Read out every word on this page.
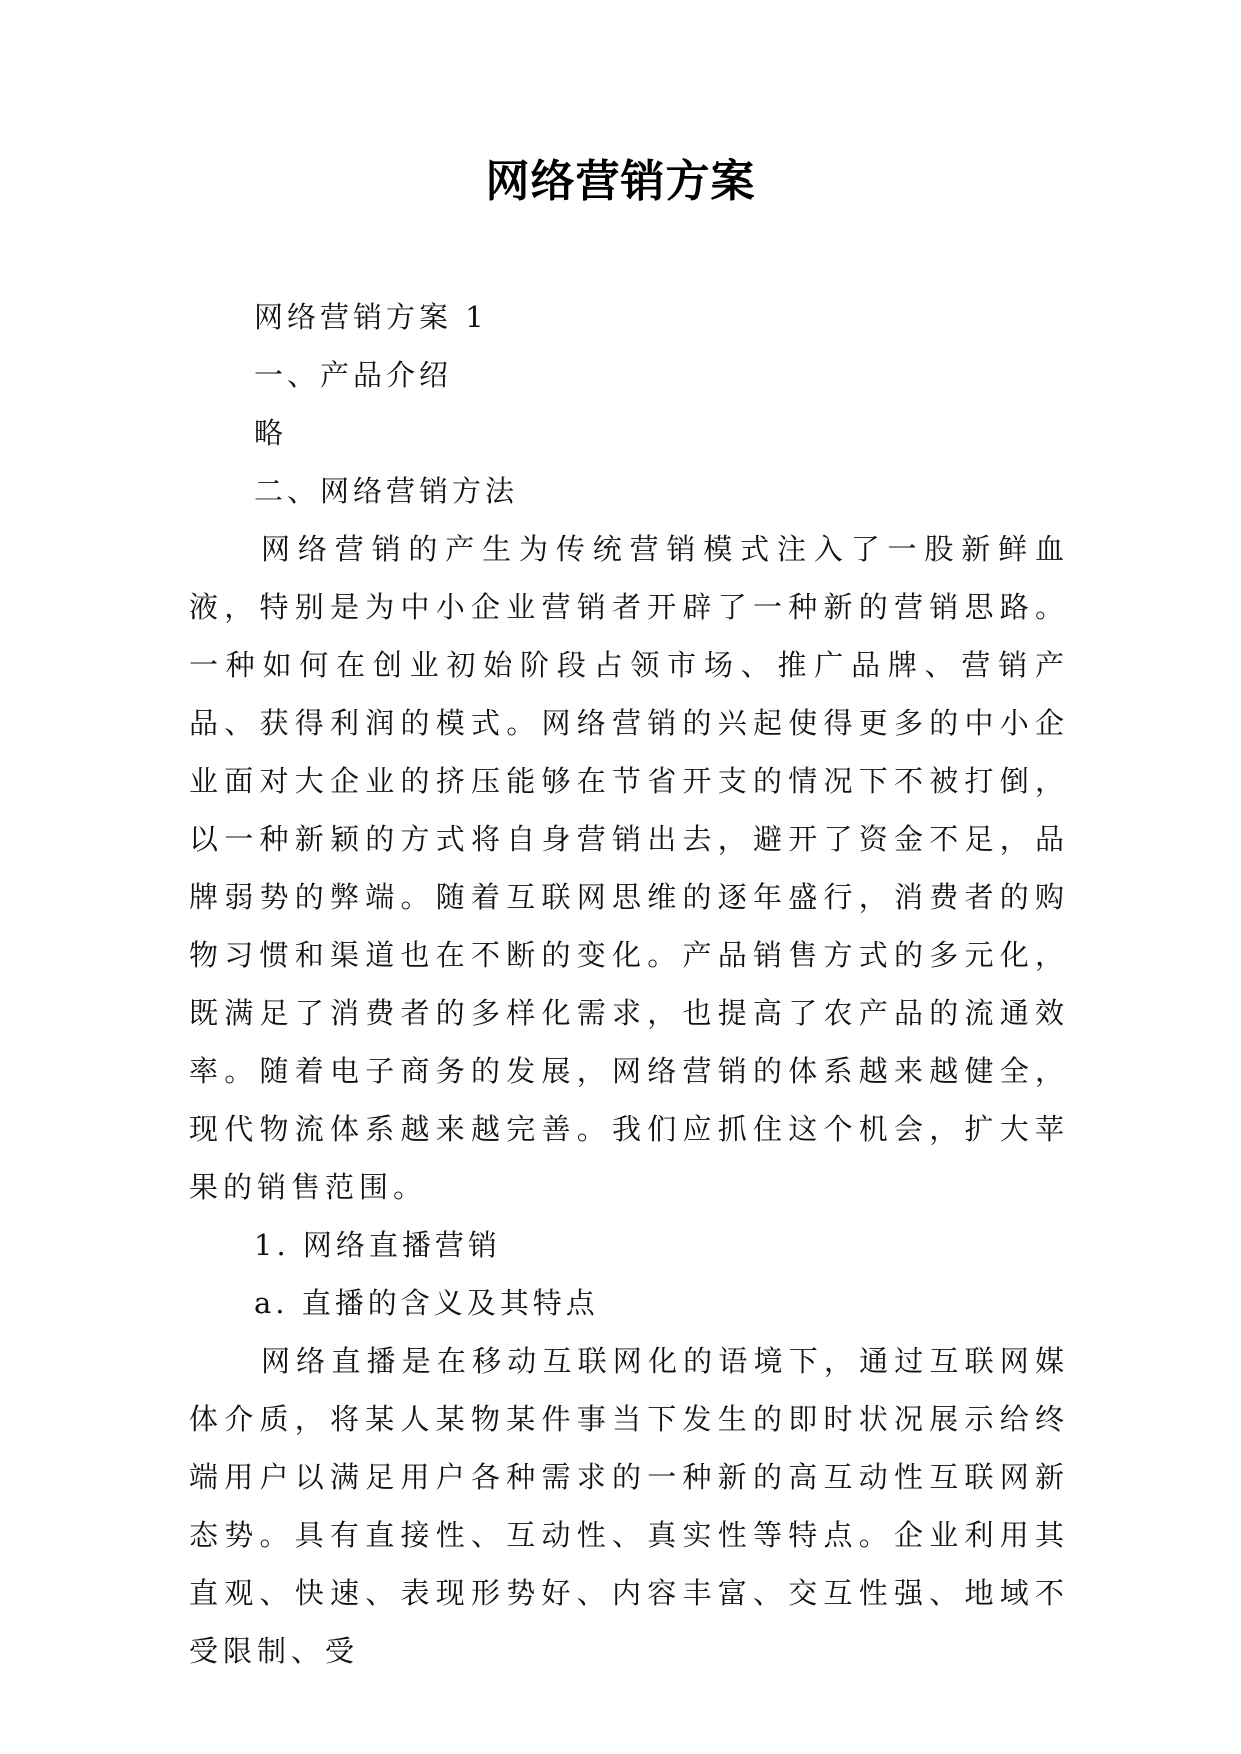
网络营销方案
网络营销方案 1
一、产品介绍
略
二、网络营销方法

网络营销的产生为传统营销模式注入了一股新鲜血液，特别是为中小企业营销者开辟了一种新的营销思路。一种如何在创业初始阶段占领市场、推广品牌、营销产品、获得利润的模式。网络营销的兴起使得更多的中小企业面对大企业的挤压能够在节省开支的情况下不被打倒，以一种新颖的方式将自身营销出去，避开了资金不足，品牌弱势的弊端。随着互联网思维的逐年盛行，消费者的购物习惯和渠道也在不断的变化。产品销售方式的多元化，既满足了消费者的多样化需求，也提高了农产品的流通效率。随着电子商务的发展，网络营销的体系越来越健全，现代物流体系越来越完善。我们应抓住这个机会，扩大苹果的销售范围。

1. 网络直播营销
a. 直播的含义及其特点

网络直播是在移动互联网化的语境下，通过互联网媒体介质，将某人某物某件事当下发生的即时状况展示给终端用户以满足用户各种需求的一种新的高互动性互联网新态势。具有直接性、互动性、真实性等特点。企业利用其直观、快速、表现形势好、内容丰富、交互性强、地域不受限制、受
